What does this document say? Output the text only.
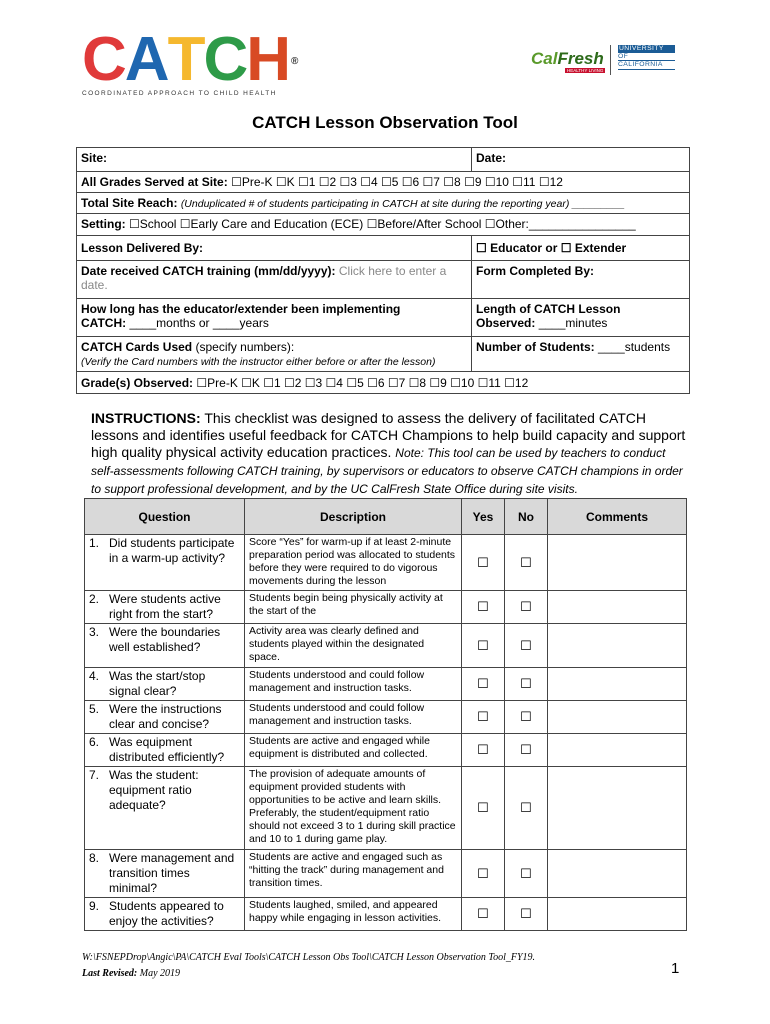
CATCH ®
COORDINATED APPROACH TO CHILD HEALTH
CalFresh
HEALTHY LIVING
UNIVERSITY
OF
CALIFORNIA
CATCH Lesson Observation Tool
Site:	Date:
All Grades Served at Site: ☐Pre-K ☐K ☐1 ☐2 ☐3 ☐4 ☐5 ☐6 ☐7 ☐8 ☐9 ☐10 ☐11 ☐12	
Total Site Reach: (Unduplicated # of students participating in CATCH at site during the reporting year) _________	
Setting: ☐School ☐Early Care and Education (ECE) ☐Before/After School ☐Other:________________	
Lesson Delivered By:	☐ Educator or ☐ Extender
Date received CATCH training (mm/dd/yyyy): Click here to enter a date.	Form Completed By:
How long has the educator/extender been implementing
CATCH: ____months or ____years	Length of CATCH Lesson
Observed: ____minutes
CATCH Cards Used (specify numbers):
(Verify the Card numbers with the instructor either before or after the lesson)	Number of Students: ____students
Grade(s) Observed: ☐Pre-K ☐K ☐1 ☐2 ☐3 ☐4 ☐5 ☐6 ☐7 ☐8 ☐9 ☐10 ☐11 ☐12	
INSTRUCTIONS: This checklist was designed to assess the delivery of facilitated CATCH lessons and identifies useful feedback for CATCH Champions to help build capacity and support high quality physical activity education practices. Note: This tool can be used by teachers to conduct self-assessments following CATCH training, by supervisors or educators to observe CATCH champions in order to support professional development, and by the UC CalFresh State Office during site visits.
Question	Description	Yes	No	Comments
1. Did students participate in a warm-up activity?	Score “Yes” for warm-up if at least 2-minute preparation period was allocated to students before they were required to do vigorous movements during the lesson	☐	☐	
2. Were students active right from the start?	Students begin being physically activity at the start of the	☐	☐	
3. Were the boundaries well established?	Activity area was clearly defined and students played within the designated space.	☐	☐	
4. Was the start/stop signal clear?	Students understood and could follow management and instruction tasks.	☐	☐	
5. Were the instructions clear and concise?	Students understood and could follow management and instruction tasks.	☐	☐	
6. Was equipment distributed efficiently?	Students are active and engaged while equipment is distributed and collected.	☐	☐	
7. Was the student: equipment ratio adequate?	The provision of adequate amounts of equipment provided students with opportunities to be active and learn skills. Preferably, the student/equipment ratio should not exceed 3 to 1 during skill practice and 10 to 1 during game play.	☐	☐	
8. Were management and transition times minimal?	Students are active and engaged such as “hitting the track” during management and transition times.	☐	☐	
9. Students appeared to enjoy the activities?	Students laughed, smiled, and appeared happy while engaging in lesson activities.	☐	☐	
W:\FSNEPDrop\Angic\PA\CATCH Eval Tools\CATCH Lesson Obs Tool\CATCH Lesson Observation Tool_FY19.
Last Revised: May 2019	1
